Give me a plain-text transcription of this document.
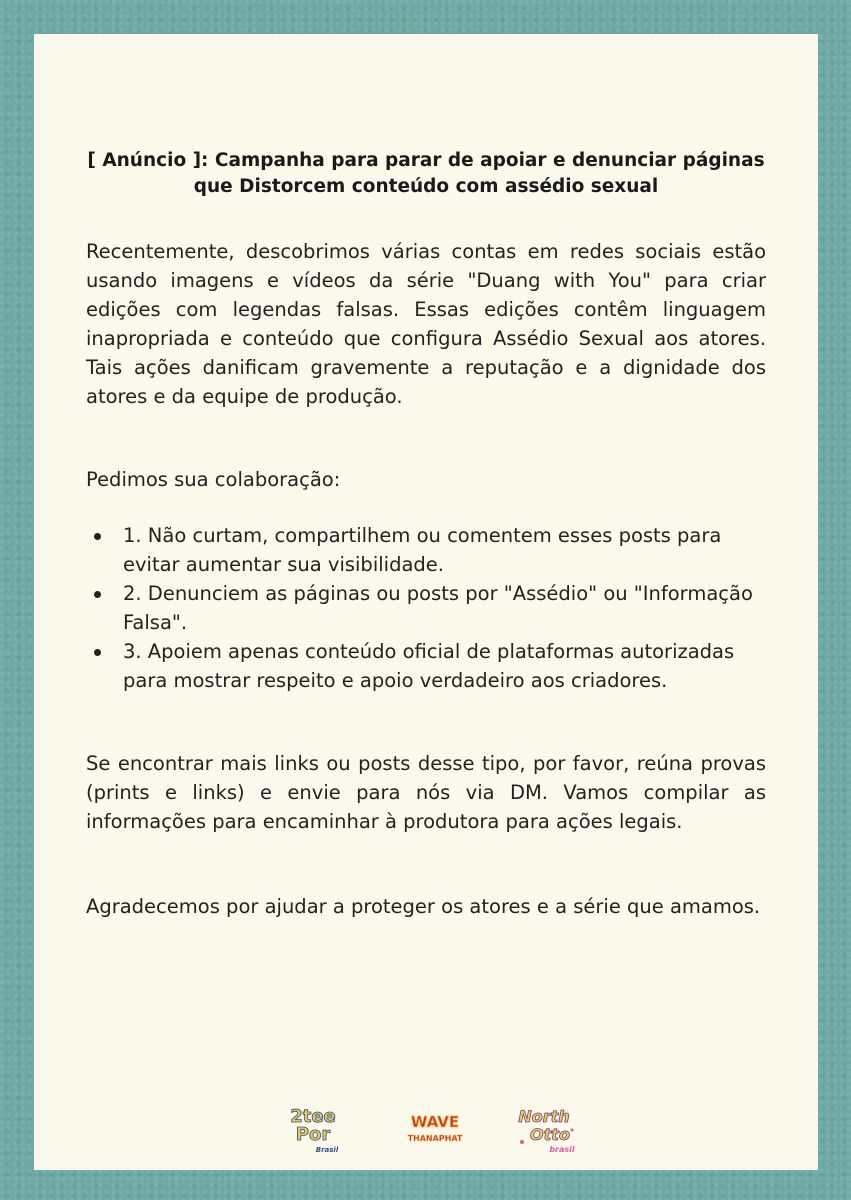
[ Anúncio ]: Campanha para parar de apoiar e denunciar páginas
que Distorcem conteúdo com assédio sexual

Recentemente, descobrimos várias contas em redes sociais estão usando imagens e vídeos da série "Duang with You" para criar edições com legendas falsas. Essas edições contêm linguagem inapropriada e conteúdo que configura Assédio Sexual aos atores. Tais ações danificam gravemente a reputação e a dignidade dos atores e da equipe de produção.

Pedimos sua colaboração:

1. Não curtam, compartilhem ou comentem esses posts para evitar aumentar sua visibilidade.
2. Denunciem as páginas ou posts por "Assédio" ou "Informação Falsa".
3. Apoiem apenas conteúdo oficial de plataformas autorizadas para mostrar respeito e apoio verdadeiro aos criadores.

Se encontrar mais links ou posts desse tipo, por favor, reúna provas (prints e links) e envie para nós via DM. Vamos compilar as informações para encaminhar à produtora para ações legais.

Agradecemos por ajudar a proteger os atores e a série que amamos.

2tee
Por
Brasil
WAVE
THANAPHAT
North
Otto
brasil
